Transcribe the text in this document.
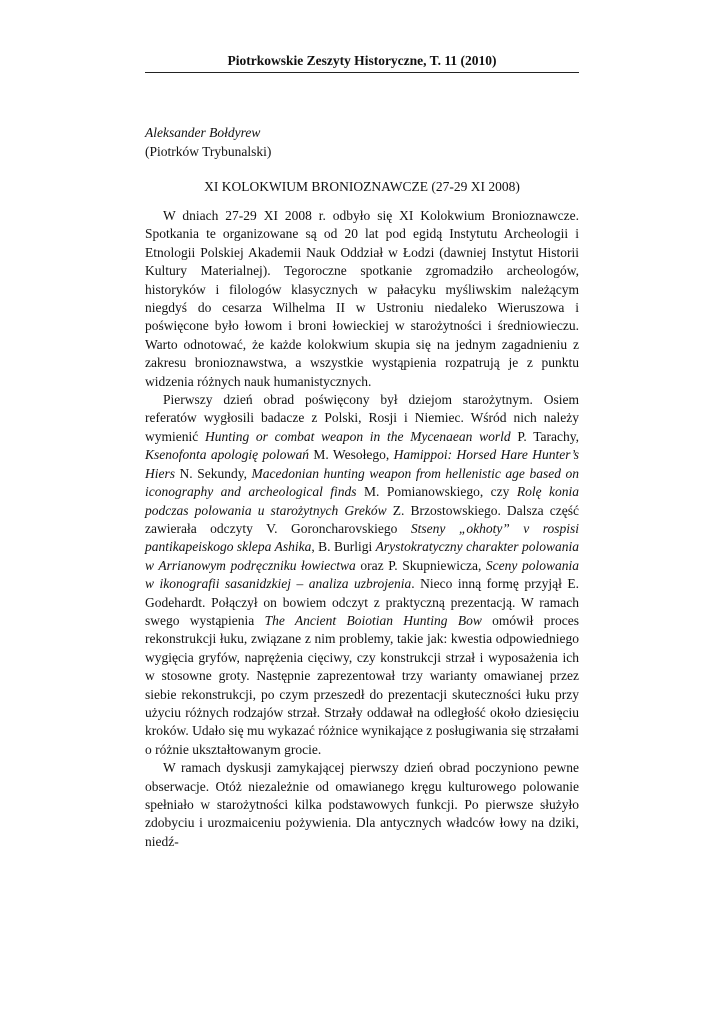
Piotrkowskie Zeszyty Historyczne, T. 11 (2010)
Aleksander Bołdyrew
(Piotrków Trybunalski)
XI KOLOKWIUM BRONIOZNAWCZE (27-29 XI 2008)

W dniach 27-29 XI 2008 r. odbyło się XI Kolokwium Bronioznawcze. Spotkania te organizowane są od 20 lat pod egidą Instytutu Archeologii i Etnologii Polskiej Akademii Nauk Oddział w Łodzi (dawniej Instytut Historii Kultury Materialnej). Tegoroczne spotkanie zgromadziło archeologów, historyków i filologów klasycznych w pałacyku myśliwskim należącym niegdyś do cesarza Wilhelma II w Ustroniu niedaleko Wieruszowa i poświęcone było łowom i broni łowieckiej w starożytności i średniowieczu. Warto odnotować, że każde kolokwium skupia się na jednym zagadnieniu z zakresu bronioznawstwa, a wszystkie wystąpienia rozpatrują je z punktu widzenia różnych nauk humanistycznych.

Pierwszy dzień obrad poświęcony był dziejom starożytnym. Osiem referatów wygłosili badacze z Polski, Rosji i Niemiec. Wśród nich należy wymienić Hunting or combat weapon in the Mycenaean world P. Tarachy, Ksenofonta apologię polowań M. Wesołego, Hamippoi: Horsed Hare Hunter’s Hiers N. Sekundy, Macedonian hunting weapon from hellenistic age based on iconography and archeological finds M. Pomianowskiego, czy Rolę konia podczas polowania u starożytnych Greków Z. Brzostowskiego. Dalsza część zawierała odczyty V. Goroncharovskiego Stseny „okhoty” v rospisi pantikapeiskogo sklepa Ashika, B. Burligi Arystokratyczny charakter polowania w Arrianowym podręczniku łowiectwa oraz P. Skupniewicza, Sceny polowania w ikonografii sasanidzkiej – analiza uzbrojenia. Nieco inną formę przyjął E. Godehardt. Połączył on bowiem odczyt z praktyczną prezentacją. W ramach swego wystąpienia The Ancient Boiotian Hunting Bow omówił proces rekonstrukcji łuku, związane z nim problemy, takie jak: kwestia odpowiedniego wygięcia gryfów, naprężenia cięciwy, czy konstrukcji strzał i wyposażenia ich w stosowne groty. Następnie zaprezentował trzy warianty omawianej przez siebie rekonstrukcji, po czym przeszedł do prezentacji skuteczności łuku przy użyciu różnych rodzajów strzał. Strzały oddawał na odległość około dziesięciu kroków. Udało się mu wykazać różnice wynikające z posługiwania się strzałami o różnie ukształtowanym grocie.

W ramach dyskusji zamykającej pierwszy dzień obrad poczyniono pewne obserwacje. Otóż niezależnie od omawianego kręgu kulturowego polowanie spełniało w starożytności kilka podstawowych funkcji. Po pierwsze służyło zdobyciu i urozmaiceniu pożywienia. Dla antycznych władców łowy na dziki, niedź-
